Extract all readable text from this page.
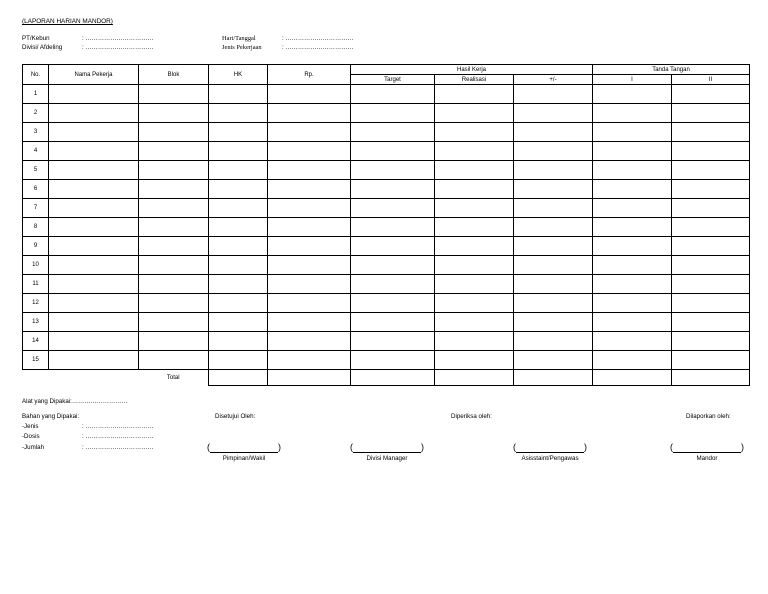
(LAPORAN HARIAN MANDOR)
PT/Kebun	: ……………………………
Divisi/ Afdeling	: ……………………………
Hari/Tanggal	: ……………………………
Jenis Pekerjaan	: ……………………………
No.	Nama Pekerja	Blok	HK	Rp.	Hasil Kerja			Tanda Tangan	
					Target	Realisasi	+/-	I	II
1									
2									
3									
4									
5									
6									
7									
8									
9									
10									
11									
12									
13									
14									
15									
		Total							
Alat yang Dipakai:………………………
Bahan yang Dipakai:
-Jenis	: ……………………………
-Dosis	: ……………………………
-Jumlah	: ……………………………
Disetujui Oleh:	Diperiksa oleh:	Dilaporkan oleh:
(	)
Pimpinan/Wakil
(	)
Divisi Manager
(	)
Asisstaint/Pengawas
(	)
Mandor
